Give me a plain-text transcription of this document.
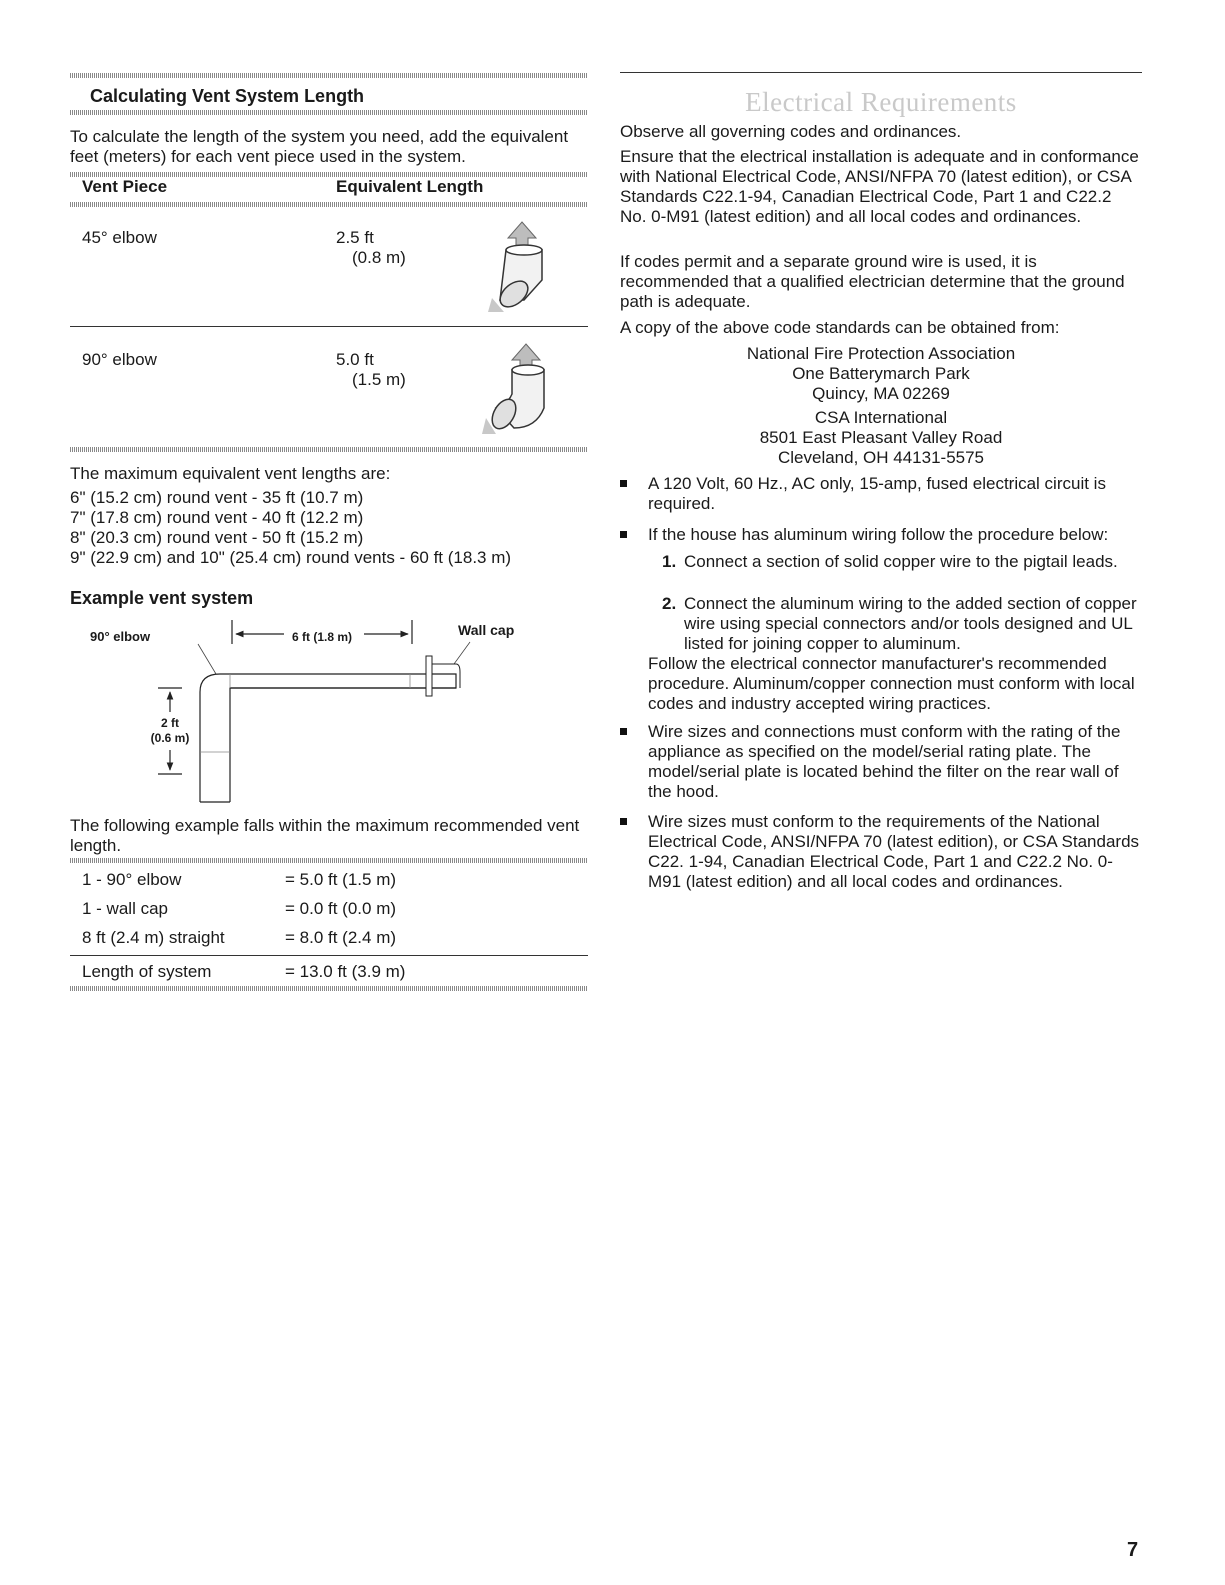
Calculating Vent System Length

To calculate the length of the system you need, add the equivalent feet (meters) for each vent piece used in the system.

Vent Piece	Equivalent Length
45° elbow	2.5 ft
(0.8 m)
90° elbow	5.0 ft
(1.5 m)

The maximum equivalent vent lengths are:

6" (15.2 cm) round vent - 35 ft (10.7 m)
7" (17.8 cm) round vent - 40 ft (12.2 m)
8" (20.3 cm) round vent - 50 ft (15.2 m)
9" (22.9 cm) and 10" (25.4 cm) round vents - 60 ft (18.3 m)
Example vent system
90° elbow	6 ft (1.8 m)	Wall cap
2 ft
(0.6 m)

The following example falls within the maximum recommended vent length.

1 - 90° elbow	= 5.0 ft (1.5 m)
1 - wall cap	= 0.0 ft (0.0 m)
8 ft (2.4 m) straight	= 8.0 ft (2.4 m)
Length of system	= 13.0 ft (3.9 m)
Electrical Requirements

Observe all governing codes and ordinances.

Ensure that the electrical installation is adequate and in conformance with National Electrical Code, ANSI/NFPA 70 (latest edition), or CSA Standards C22.1-94, Canadian Electrical Code, Part 1 and C22.2 No. 0-M91 (latest edition) and all local codes and ordinances.

If codes permit and a separate ground wire is used, it is recommended that a qualified electrician determine that the ground path is adequate.

A copy of the above code standards can be obtained from:

National Fire Protection Association
One Batterymarch Park
Quincy, MA 02269
CSA International
8501 East Pleasant Valley Road
Cleveland, OH 44131-5575
A 120 Volt, 60 Hz., AC only, 15-amp, fused electrical circuit is required.
If the house has aluminum wiring follow the procedure below:
1. Connect a section of solid copper wire to the pigtail leads.
2. Connect the aluminum wiring to the added section of copper wire using special connectors and/or tools designed and UL listed for joining copper to aluminum.

Follow the electrical connector manufacturer's recommended procedure. Aluminum/copper connection must conform with local codes and industry accepted wiring practices.

Wire sizes and connections must conform with the rating of the appliance as specified on the model/serial rating plate. The model/serial plate is located behind the filter on the rear wall of the hood.
Wire sizes must conform to the requirements of the National Electrical Code, ANSI/NFPA 70 (latest edition), or CSA Standards C22. 1-94, Canadian Electrical Code, Part 1 and C22.2 No. 0-M91 (latest edition) and all local codes and ordinances.
7
